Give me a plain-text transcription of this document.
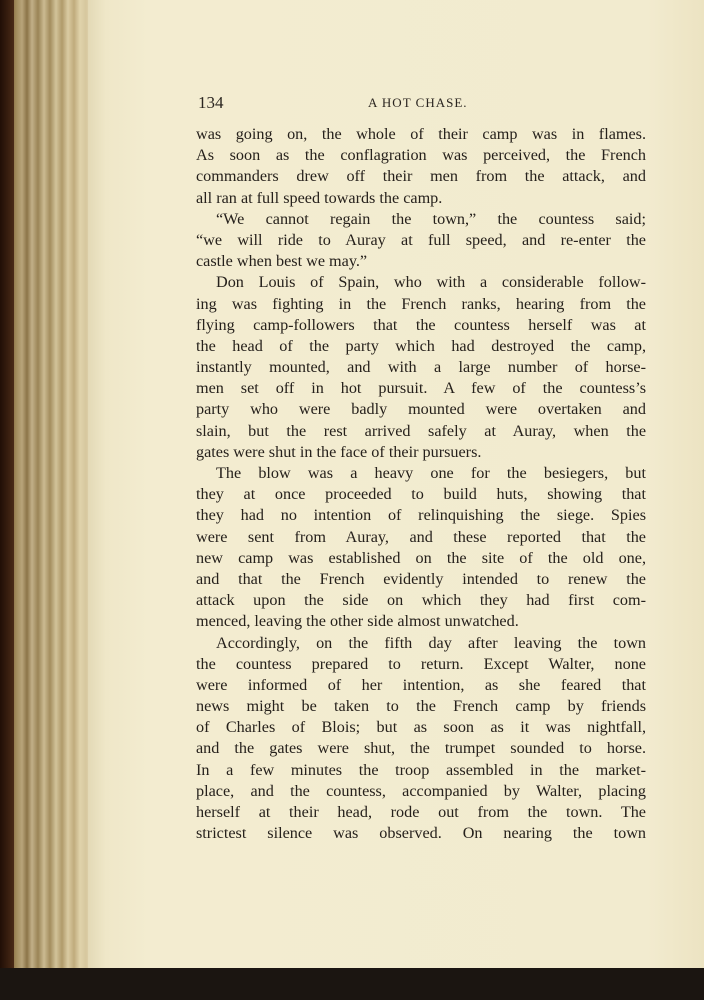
134	A HOT CHASE.
was going on, the whole of their camp was in flames.
As soon as the conflagration was perceived, the French
commanders drew off their men from the attack, and
all ran at full speed towards the camp.
“We cannot regain the town,” the countess said;
“we will ride to Auray at full speed, and re-enter the
castle when best we may.”
Don Louis of Spain, who with a considerable follow-
ing was fighting in the French ranks, hearing from the
flying camp-followers that the countess herself was at
the head of the party which had destroyed the camp,
instantly mounted, and with a large number of horse-
men set off in hot pursuit. A few of the countess’s
party who were badly mounted were overtaken and
slain, but the rest arrived safely at Auray, when the
gates were shut in the face of their pursuers.
The blow was a heavy one for the besiegers, but
they at once proceeded to build huts, showing that
they had no intention of relinquishing the siege. Spies
were sent from Auray, and these reported that the
new camp was established on the site of the old one,
and that the French evidently intended to renew the
attack upon the side on which they had first com-
menced, leaving the other side almost unwatched.
Accordingly, on the fifth day after leaving the town
the countess prepared to return. Except Walter, none
were informed of her intention, as she feared that
news might be taken to the French camp by friends
of Charles of Blois; but as soon as it was nightfall,
and the gates were shut, the trumpet sounded to horse.
In a few minutes the troop assembled in the market-
place, and the countess, accompanied by Walter, placing
herself at their head, rode out from the town. The
strictest silence was observed. On nearing the town
